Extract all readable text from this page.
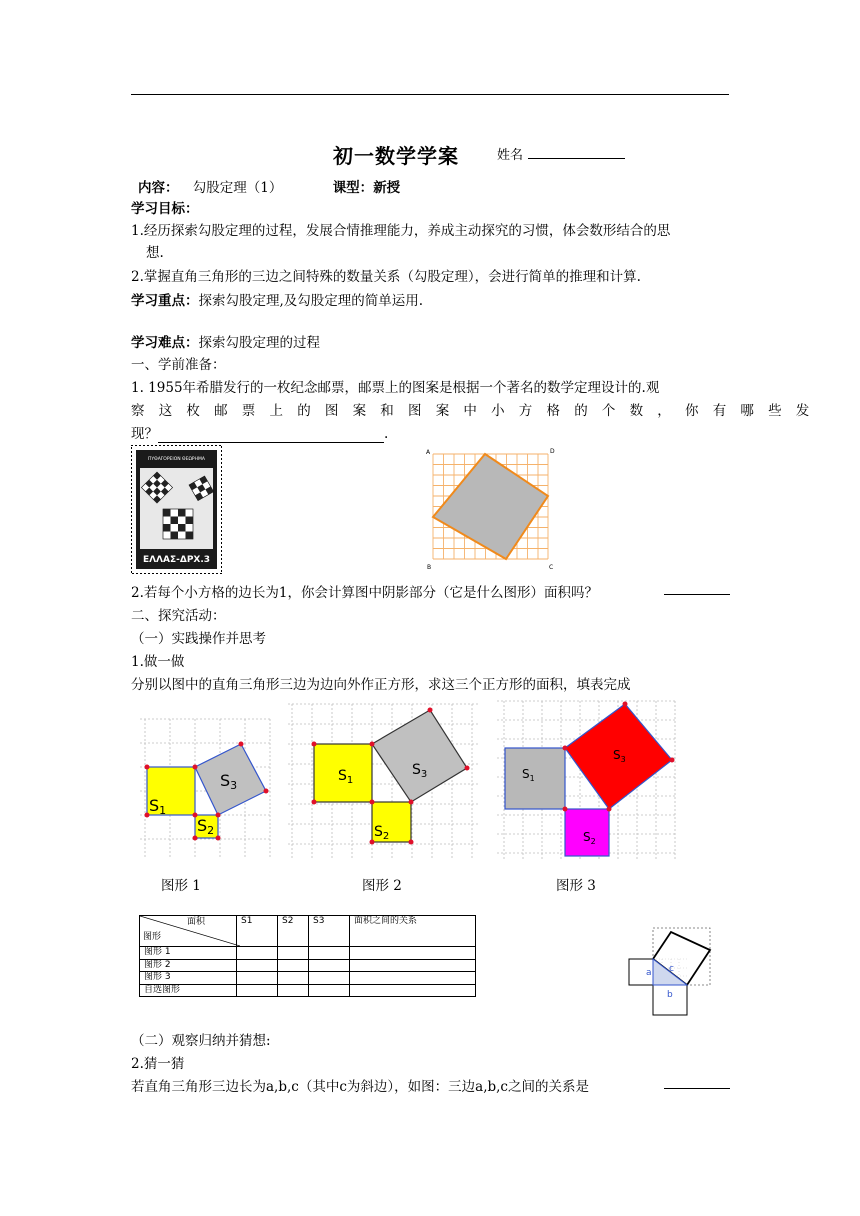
初一数学学案	姓名
内容： 勾股定理（1）	课型：新授
学习目标：
1.经历探索勾股定理的过程，发展合情推理能力，养成主动探究的习惯，体会数形结合的思
想.
2.掌握直角三角形的三边之间特殊的数量关系（勾股定理），会进行简单的推理和计算.
学习重点：探索勾股定理,及勾股定理的简单运用.
学习难点：探索勾股定理的过程
一、学前准备：
1. 1955年希腊发行的一枚纪念邮票，邮票上的图案是根据一个著名的数学定理设计的.观
察这枚邮票上的图案和图案中小方格的个数，你有哪些发
现？	.
ΠΥΘΑΓΟΡΕΙΟΝ ΘΕΩΡΗΜΑ
ΕΛΛΑΣ-ΔΡΧ.3
A	D
B	C
2.若每个小方格的边长为1，你会计算图中阴影部分（它是什么图形）面积吗？
二、探究活动：
（一）实践操作并思考
1.做一做
分别以图中的直角三角形三边为边向外作正方形，求这三个正方形的面积，填表完成
S1
S2
S3
$S_1$
$S_2$
$S_3$	$S_1$
$S_2$
$S_3$
图形 1	图形 2	图形 3
面积
图形	S1	S2	S3	面积之间的关系
图形 1				
图形 2				
图形 3				
自选图形				
a
b
c
（二）观察归纳并猜想:
2.猜一猜
若直角三角形三边长为a,b,c（其中c为斜边），如图：三边a,b,c之间的关系是
